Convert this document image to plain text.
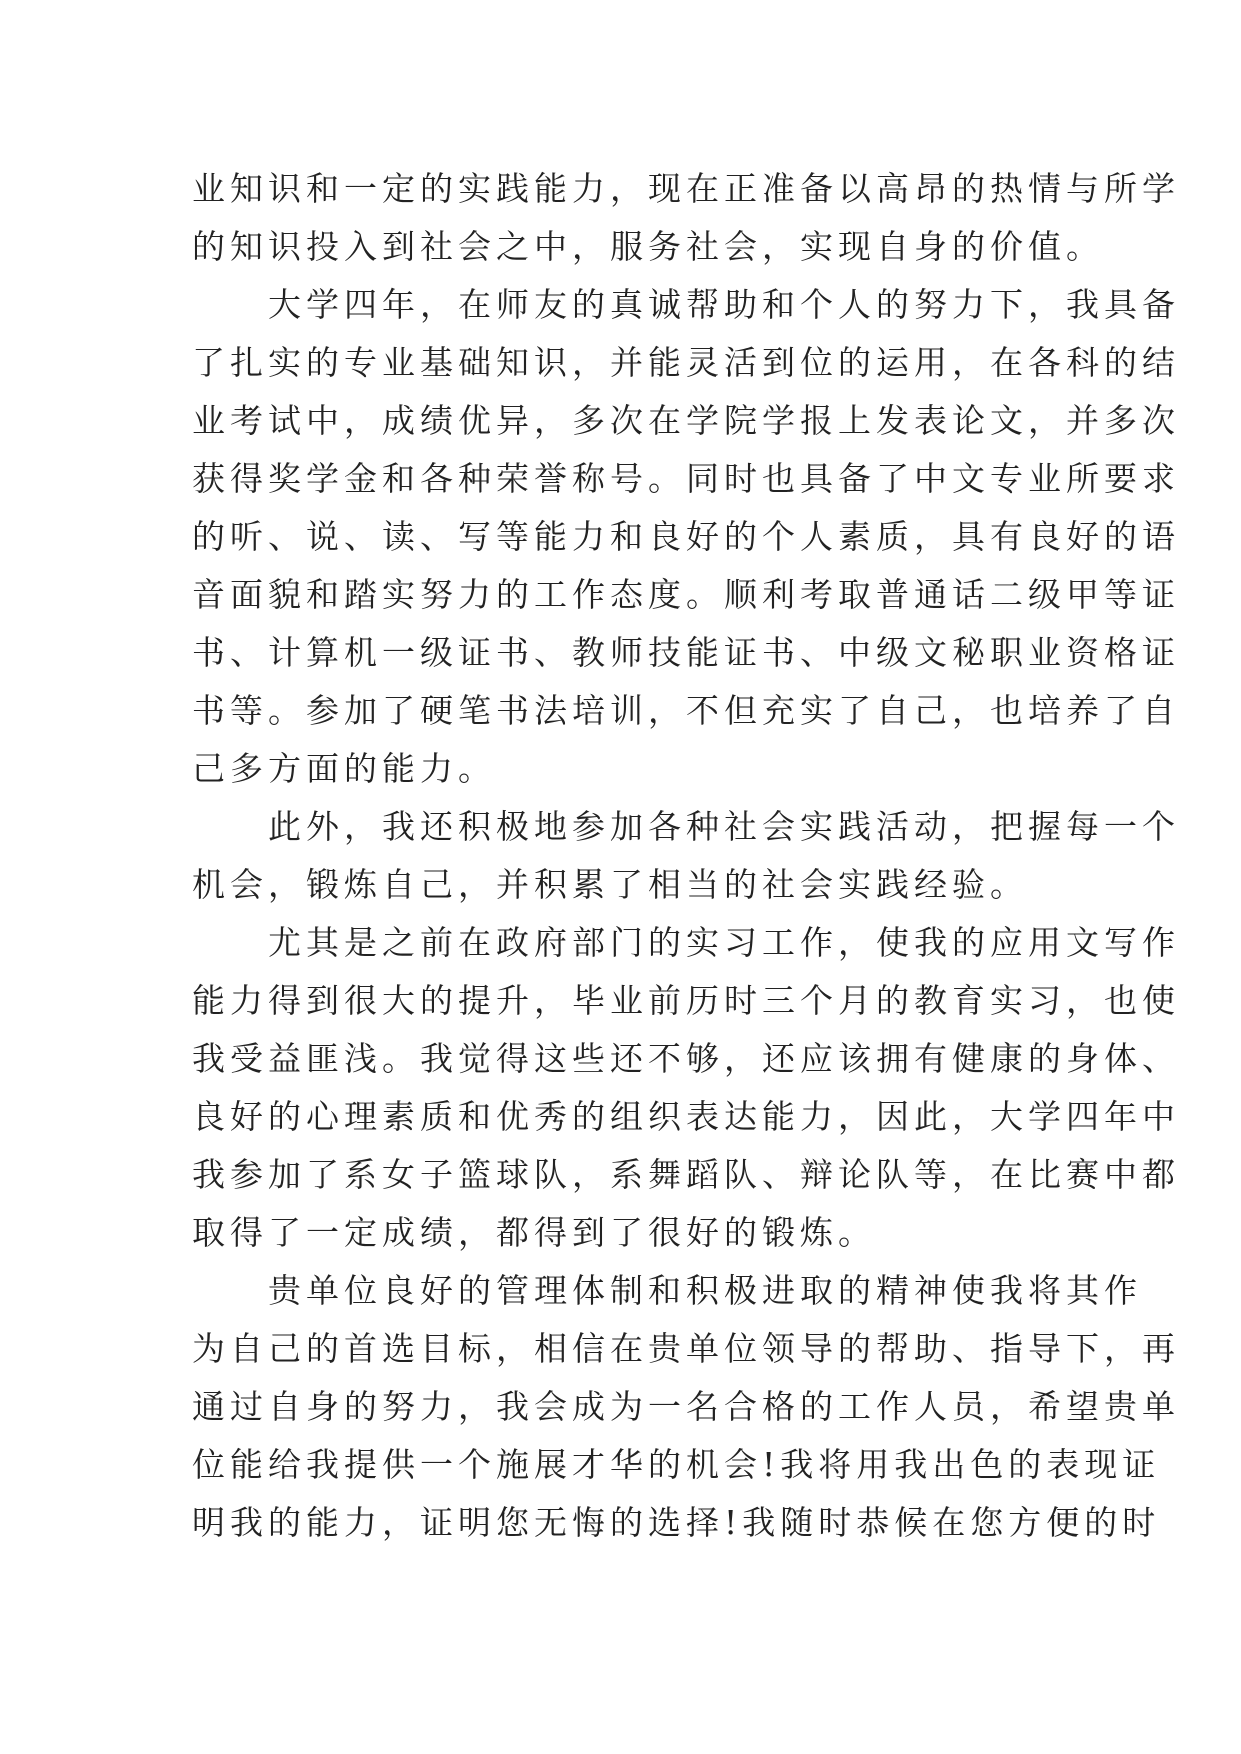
业知识和一定的实践能力，现在正准备以高昂的热情与所学
的知识投入到社会之中，服务社会，实现自身的价值。
大学四年，在师友的真诚帮助和个人的努力下，我具备
了扎实的专业基础知识，并能灵活到位的运用，在各科的结
业考试中，成绩优异，多次在学院学报上发表论文，并多次
获得奖学金和各种荣誉称号。同时也具备了中文专业所要求
的听、说、读、写等能力和良好的个人素质，具有良好的语
音面貌和踏实努力的工作态度。顺利考取普通话二级甲等证
书、计算机一级证书、教师技能证书、中级文秘职业资格证
书等。参加了硬笔书法培训，不但充实了自己，也培养了自
己多方面的能力。
此外，我还积极地参加各种社会实践活动，把握每一个
机会，锻炼自己，并积累了相当的社会实践经验。
尤其是之前在政府部门的实习工作，使我的应用文写作
能力得到很大的提升，毕业前历时三个月的教育实习，也使
我受益匪浅。我觉得这些还不够，还应该拥有健康的身体、
良好的心理素质和优秀的组织表达能力，因此，大学四年中
我参加了系女子篮球队，系舞蹈队、辩论队等，在比赛中都
取得了一定成绩，都得到了很好的锻炼。
贵单位良好的管理体制和积极进取的精神使我将其作
为自己的首选目标，相信在贵单位领导的帮助、指导下，再
通过自身的努力，我会成为一名合格的工作人员，希望贵单
位能给我提供一个施展才华的机会!我将用我出色的表现证
明我的能力，证明您无悔的选择!我随时恭候在您方便的时
